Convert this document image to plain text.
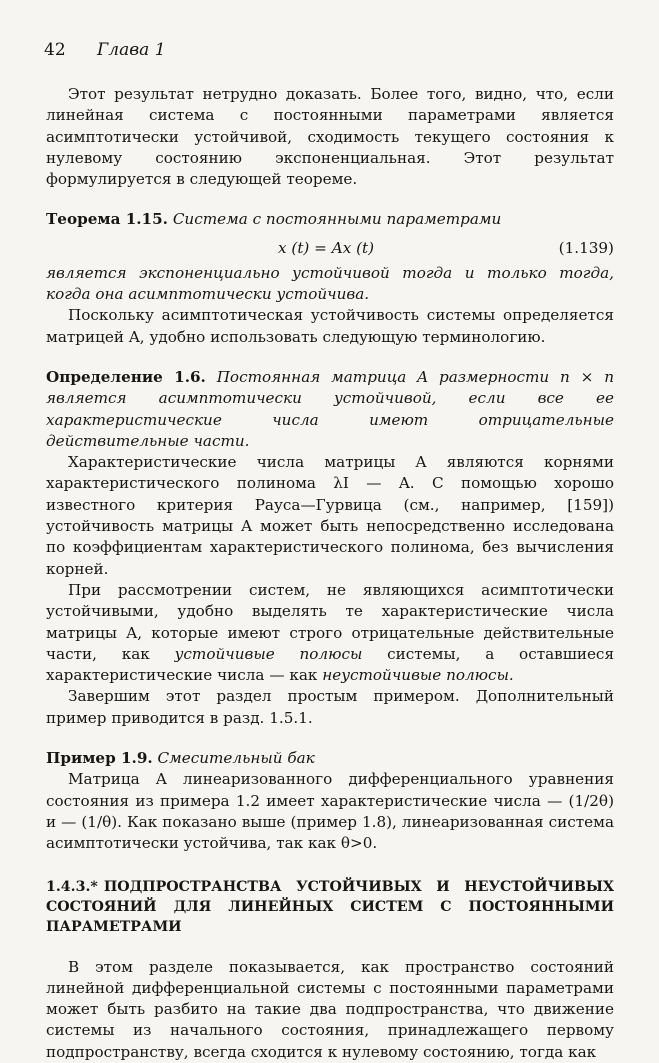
42 Глава 1

Этот результат нетрудно доказать. Более того, видно, что, если линейная система с постоянными параметрами является асимптотически устойчивой, сходимость текущего состояния к нулевому состоянию экспоненциальная. Этот результат формулируется в следующей теореме.

Теорема 1.15. Система с постоянными параметрами

x (t) = Ax (t)	(1.139)

является экспоненциально устойчивой тогда и только тогда, когда она асимптотически устойчива.

Поскольку асимптотическая устойчивость системы определяется матрицей A, удобно использовать следующую терминологию.

Определение 1.6. Постоянная матрица A размерности n × n является асимптотически устойчивой, если все ее характеристические числа имеют отрицательные действительные части.

Характеристические числа матрицы A являются корнями характеристического полинома λI — A. С помощью хорошо известного критерия Рауса—Гурвица (см., например, [159]) устойчивость матрицы A может быть непосредственно исследована по коэффициентам характеристического полинома, без вычисления корней.

При рассмотрении систем, не являющихся асимптотически устойчивыми, удобно выделять те характеристические числа матрицы A, которые имеют строго отрицательные действительные части, как устойчивые полюсы системы, а оставшиеся характеристические числа — как неустойчивые полюсы.

Завершим этот раздел простым примером. Дополнительный пример приводится в разд. 1.5.1.

Пример 1.9. Смесительный бак

Матрица A линеаризованного дифференциального уравнения состояния из примера 1.2 имеет характеристические числа — (1/2θ) и — (1/θ). Как показано выше (пример 1.8), линеаризованная система асимптотически устойчива, так как θ>0.

1.4.3.* ПОДПРОСТРАНСТВА УСТОЙЧИВЫХ И НЕУСТОЙЧИВЫХ СОСТОЯНИЙ ДЛЯ ЛИНЕЙНЫХ СИСТЕМ С ПОСТОЯННЫМИ ПАРАМЕТРАМИ

В этом разделе показывается, как пространство состояний линейной дифференциальной системы с постоянными параметрами может быть разбито на такие два подпространства, что движение системы из начального состояния, принадлежащего первому подпространству, всегда сходится к нулевому состоянию, тогда как
